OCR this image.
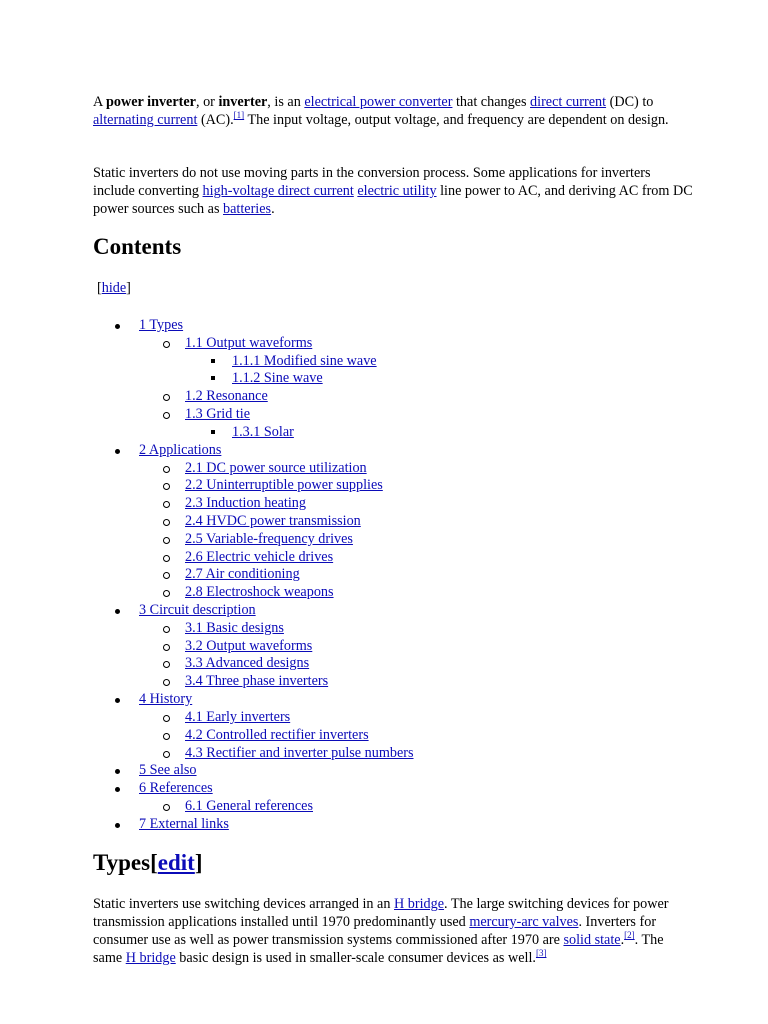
A power inverter, or inverter, is an electrical power converter that changes direct current (DC) to alternating current (AC).[1] The input voltage, output voltage, and frequency are dependent on design.

Static inverters do not use moving parts in the conversion process. Some applications for inverters include converting high-voltage direct current electric utility line power to AC, and deriving AC from DC power sources such as batteries.

Contents
[hide]
1 Types
1.1 Output waveforms
1.1.1 Modified sine wave
1.1.2 Sine wave
1.2 Resonance
1.3 Grid tie
1.3.1 Solar
2 Applications
2.1 DC power source utilization
2.2 Uninterruptible power supplies
2.3 Induction heating
2.4 HVDC power transmission
2.5 Variable-frequency drives
2.6 Electric vehicle drives
2.7 Air conditioning
2.8 Electroshock weapons
3 Circuit description
3.1 Basic designs
3.2 Output waveforms
3.3 Advanced designs
3.4 Three phase inverters
4 History
4.1 Early inverters
4.2 Controlled rectifier inverters
4.3 Rectifier and inverter pulse numbers
5 See also
6 References
6.1 General references
7 External links
Types[edit]

Static inverters use switching devices arranged in an H bridge. The large switching devices for power transmission applications installed until 1970 predominantly used mercury-arc valves. Inverters for consumer use as well as power transmission systems commissioned after 1970 are solid state.[2]. The same H bridge basic design is used in smaller-scale consumer devices as well.[3]
